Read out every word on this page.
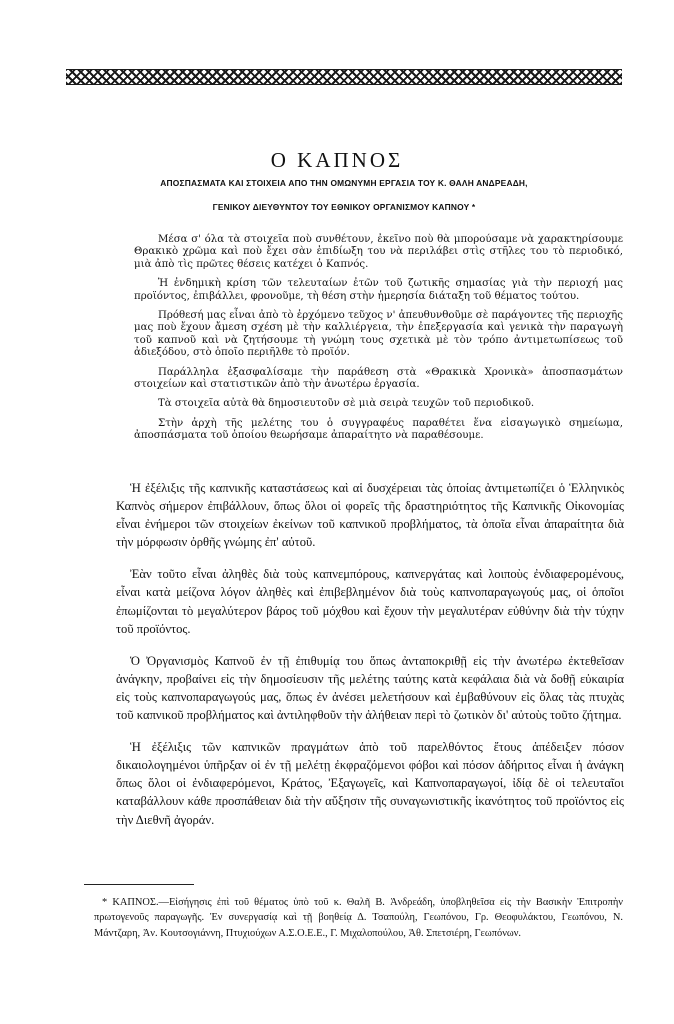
Ο ΚΑΠΝΟΣ
ΑΠΟΣΠΑΣΜΑΤΑ ΚΑΙ ΣΤΟΙΧΕΙΑ ΑΠΟ ΤΗΝ ΟΜΩΝΥΜΗ ΕΡΓΑΣΙΑ ΤΟΥ Κ. ΘΑΛΗ ΑΝΔΡΕΑΔΗ,
ΓΕΝΙΚΟΥ ΔΙΕΥΘΥΝΤΟΥ ΤΟΥ ΕΘΝΙΚΟΥ ΟΡΓΑΝΙΣΜΟΥ ΚΑΠΝΟΥ *

Μέσα σ' όλα τὰ στοιχεῖα ποὺ συνθέτουν, ἐκεῖνο ποὺ θὰ μπορούσαμε νὰ χαρακτηρίσουμε Θρακικὸ χρῶμα καὶ ποὺ ἔχει σὰν ἐπιδίωξη του νὰ περιλάβει στὶς στῆλες του τὸ περιοδικό, μιὰ ἀπὸ τὶς πρῶτες θέσεις κατέχει ὁ Καπνός.

Ἡ ἐνδημικὴ κρίση τῶν τελευταίων ἐτῶν τοῦ ζωτικῆς σημασίας γιὰ τὴν περιοχή μας προϊόντος, ἐπιβάλλει, φρονοῦμε, τὴ θέση στὴν ἡμερησία διάταξη τοῦ θέματος τούτου.

Πρόθεσή μας εἶναι ἀπὸ τὸ ἐρχόμενο τεῦχος ν' ἀπευθυνθοῦμε σὲ παράγοντες τῆς περιοχῆς μας ποὺ ἔχουν ἄμεση σχέση μὲ τὴν καλλιέργεια, τὴν ἐπεξεργασία καὶ γενικὰ τὴν παραγωγὴ τοῦ καπνοῦ καὶ νὰ ζητήσουμε τὴ γνώμη τους σχετικὰ μὲ τὸν τρόπο ἀντιμετωπίσεως τοῦ ἀδιεξόδου, στὸ ὁποῖο περιῆλθε τὸ προϊόν.

Παράλληλα ἐξασφαλίσαμε τὴν παράθεση στὰ «Θρακικὰ Χρονικὰ» ἀποσπασμάτων στοιχείων καὶ στατιστικῶν ἀπὸ τὴν ἀνωτέρω ἐργασία.

Τὰ στοιχεῖα αὐτὰ θὰ δημοσιευτοῦν σὲ μιὰ σειρὰ τευχῶν τοῦ περιοδικοῦ.

Στὴν ἀρχὴ τῆς μελέτης του ὁ συγγραφέυς παραθέτει ἕνα εἰσαγωγικὸ σημείωμα, ἀποσπάσματα τοῦ ὁποίου θεωρήσαμε ἀπαραίτητο νὰ παραθέσουμε.

Ἡ ἐξέλιξις τῆς καπνικῆς καταστάσεως καὶ αἱ δυσχέρειαι τὰς ὁποίας ἀντιμετωπίζει ὁ Ἑλληνικὸς Καπνὸς σήμερον ἐπιβάλλουν, ὅπως ὅλοι οἱ φορεῖς τῆς δραστηριότητος τῆς Καπνικῆς Οἰκονομίας εἶναι ἐνήμεροι τῶν στοιχείων ἐκείνων τοῦ καπνικοῦ προβλήματος, τὰ ὁποῖα εἶναι ἀπαραίτητα διὰ τὴν μόρφωσιν ὀρθῆς γνώμης ἐπ' αὐτοῦ.

Ἐὰν τοῦτο εἶναι ἀληθὲς διὰ τοὺς καπνεμπόρους, καπνεργάτας καὶ λοιποὺς ἐνδιαφερομένους, εἶναι κατὰ μείζονα λόγον ἀληθὲς καὶ ἐπιβεβλημένον διὰ τοὺς καπνοπαραγωγούς μας, οἱ ὁποῖοι ἐπωμίζονται τὸ μεγαλύτερον βάρος τοῦ μόχθου καὶ ἔχουν τὴν μεγαλυτέραν εὐθύνην διὰ τὴν τύχην τοῦ προϊόντος.

Ὁ Ὀργανισμὸς Καπνοῦ ἐν τῇ ἐπιθυμίᾳ του ὅπως ἀνταποκριθῇ εἰς τὴν ἀνωτέρω ἐκτεθεῖσαν ἀνάγκην, προβαίνει εἰς τὴν δημοσίευσιν τῆς μελέτης ταύτης κατὰ κεφάλαια διὰ νὰ δοθῇ εὐκαιρία εἰς τοὺς καπνοπαραγωγούς μας, ὅπως ἐν ἀνέσει μελετήσουν καὶ ἐμβαθύνουν εἰς ὅλας τὰς πτυχὰς τοῦ καπνικοῦ προβλήματος καὶ ἀντιληφθοῦν τὴν ἀλήθειαν περὶ τὸ ζωτικὸν δι' αὐτοὺς τοῦτο ζήτημα.

Ἡ ἐξέλιξις τῶν καπνικῶν πραγμάτων ἀπὸ τοῦ παρελθόντος ἔτους ἀπέδειξεν πόσον δικαιολογημένοι ὑπῆρξαν οἱ ἐν τῇ μελέτῃ ἐκφραζόμενοι φόβοι καὶ πόσον ἀδήριτος εἶναι ἡ ἀνάγκη ὅπως ὅλοι οἱ ἐνδιαφερόμενοι, Κράτος, Ἐξαγωγεῖς, καὶ Καπνοπαραγωγοί, ἰδίᾳ δὲ οἱ τελευταῖοι καταβάλλουν κάθε προσπάθειαν διὰ τὴν αὔξησιν τῆς συναγωνιστικῆς ἱκανότητος τοῦ προϊόντος εἰς τὴν Διεθνῆ ἀγοράν.

* ΚΑΠΝΟΣ.—Εἰσήγησις ἐπὶ τοῦ θέματος ὑπὸ τοῦ κ. Θαλῆ Β. Ἀνδρεάδη, ὑποβληθεῖσα εἰς τὴν Βασικὴν Ἐπιτροπὴν πρωτογενοῦς παραγωγῆς. Ἐν συνεργασίᾳ καὶ τῇ βοηθείᾳ Δ. Τσαπούλη, Γεωπόνου, Γρ. Θεοφυλάκτου, Γεωπόνου, Ν. Μάντζαρη, Ἀν. Κουτσογιάννη, Πτυχιούχων Α.Σ.Ο.Ε.Ε., Γ. Μιχαλοπούλου, Ἀθ. Σπετσιέρη, Γεωπόνων.
